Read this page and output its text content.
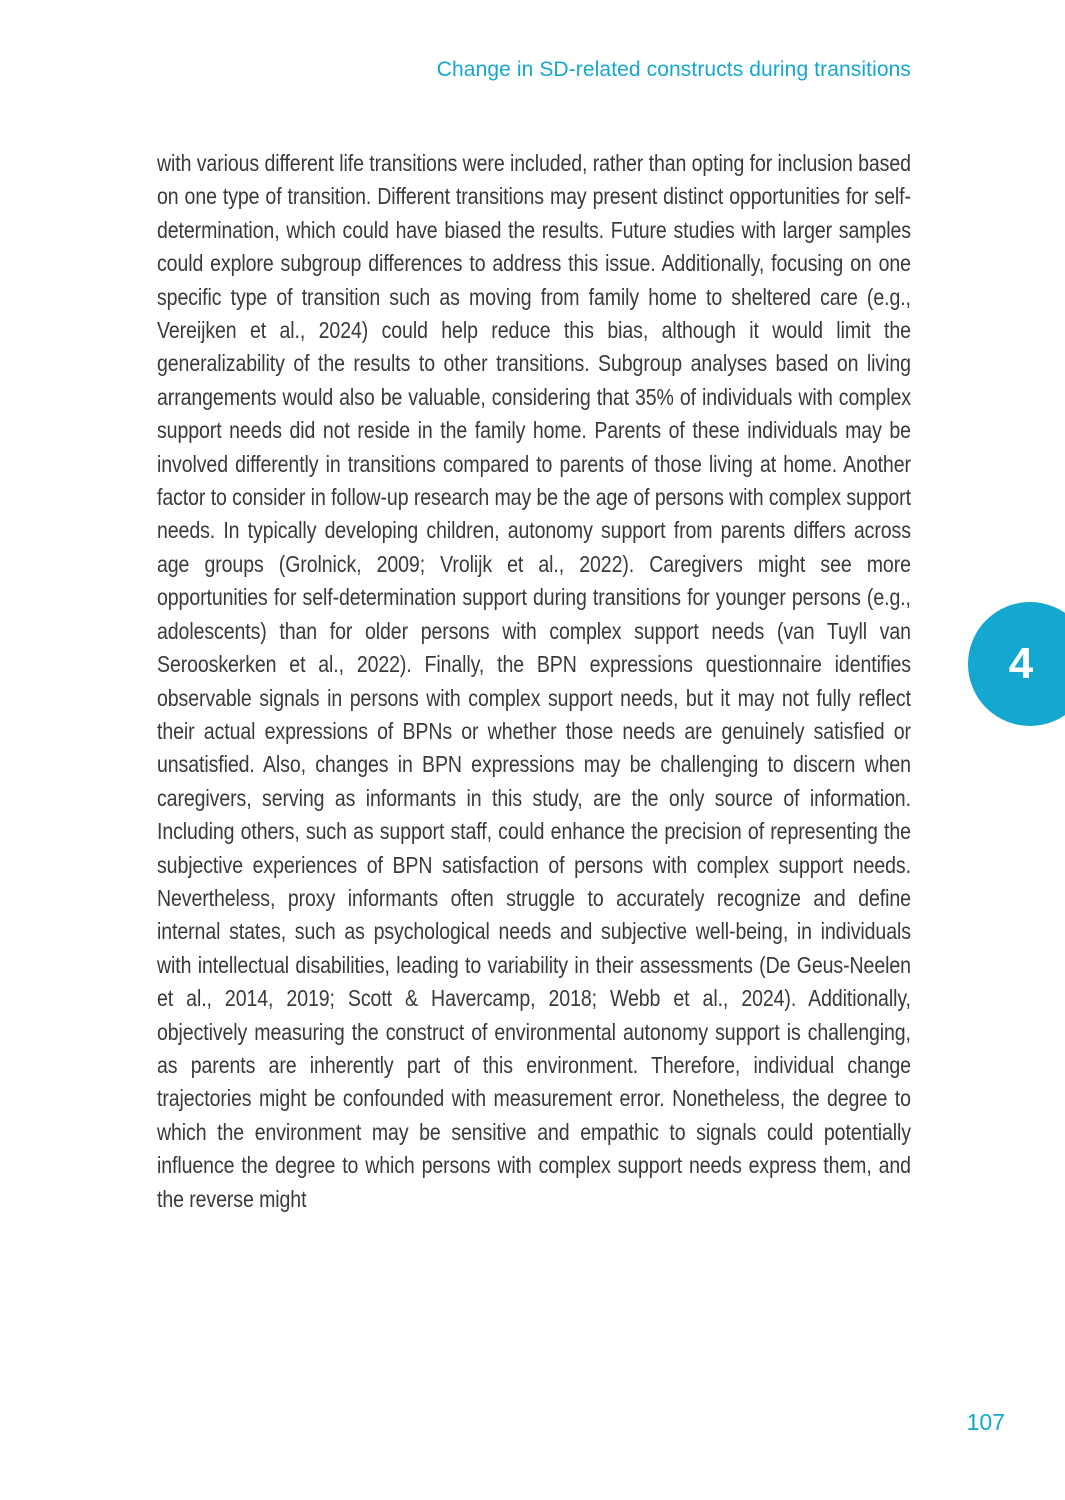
Change in SD-related constructs during transitions
with various different life transitions were included, rather than opting for inclusion based on one type of transition. Different transitions may present distinct opportunities for self-determination, which could have biased the results. Future studies with larger samples could explore subgroup differences to address this issue. Additionally, focusing on one specific type of transition such as moving from family home to sheltered care (e.g., Vereijken et al., 2024) could help reduce this bias, although it would limit the generalizability of the results to other transitions. Subgroup analyses based on living arrangements would also be valuable, considering that 35% of individuals with complex support needs did not reside in the family home. Parents of these individuals may be involved differently in transitions compared to parents of those living at home. Another factor to consider in follow-up research may be the age of persons with complex support needs. In typically developing children, autonomy support from parents differs across age groups (Grolnick, 2009; Vrolijk et al., 2022). Caregivers might see more opportunities for self-determination support during transitions for younger persons (e.g., adolescents) than for older persons with complex support needs (van Tuyll van Serooskerken et al., 2022). Finally, the BPN expressions questionnaire identifies observable signals in persons with complex support needs, but it may not fully reflect their actual expressions of BPNs or whether those needs are genuinely satisfied or unsatisfied. Also, changes in BPN expressions may be challenging to discern when caregivers, serving as informants in this study, are the only source of information. Including others, such as support staff, could enhance the precision of representing the subjective experiences of BPN satisfaction of persons with complex support needs. Nevertheless, proxy informants often struggle to accurately recognize and define internal states, such as psychological needs and subjective well-being, in individuals with intellectual disabilities, leading to variability in their assessments (De Geus-Neelen et al., 2014, 2019; Scott & Havercamp, 2018; Webb et al., 2024). Additionally, objectively measuring the construct of environmental autonomy support is challenging, as parents are inherently part of this environment. Therefore, individual change trajectories might be confounded with measurement error. Nonetheless, the degree to which the environment may be sensitive and empathic to signals could potentially influence the degree to which persons with complex support needs express them, and the reverse might
4
107
